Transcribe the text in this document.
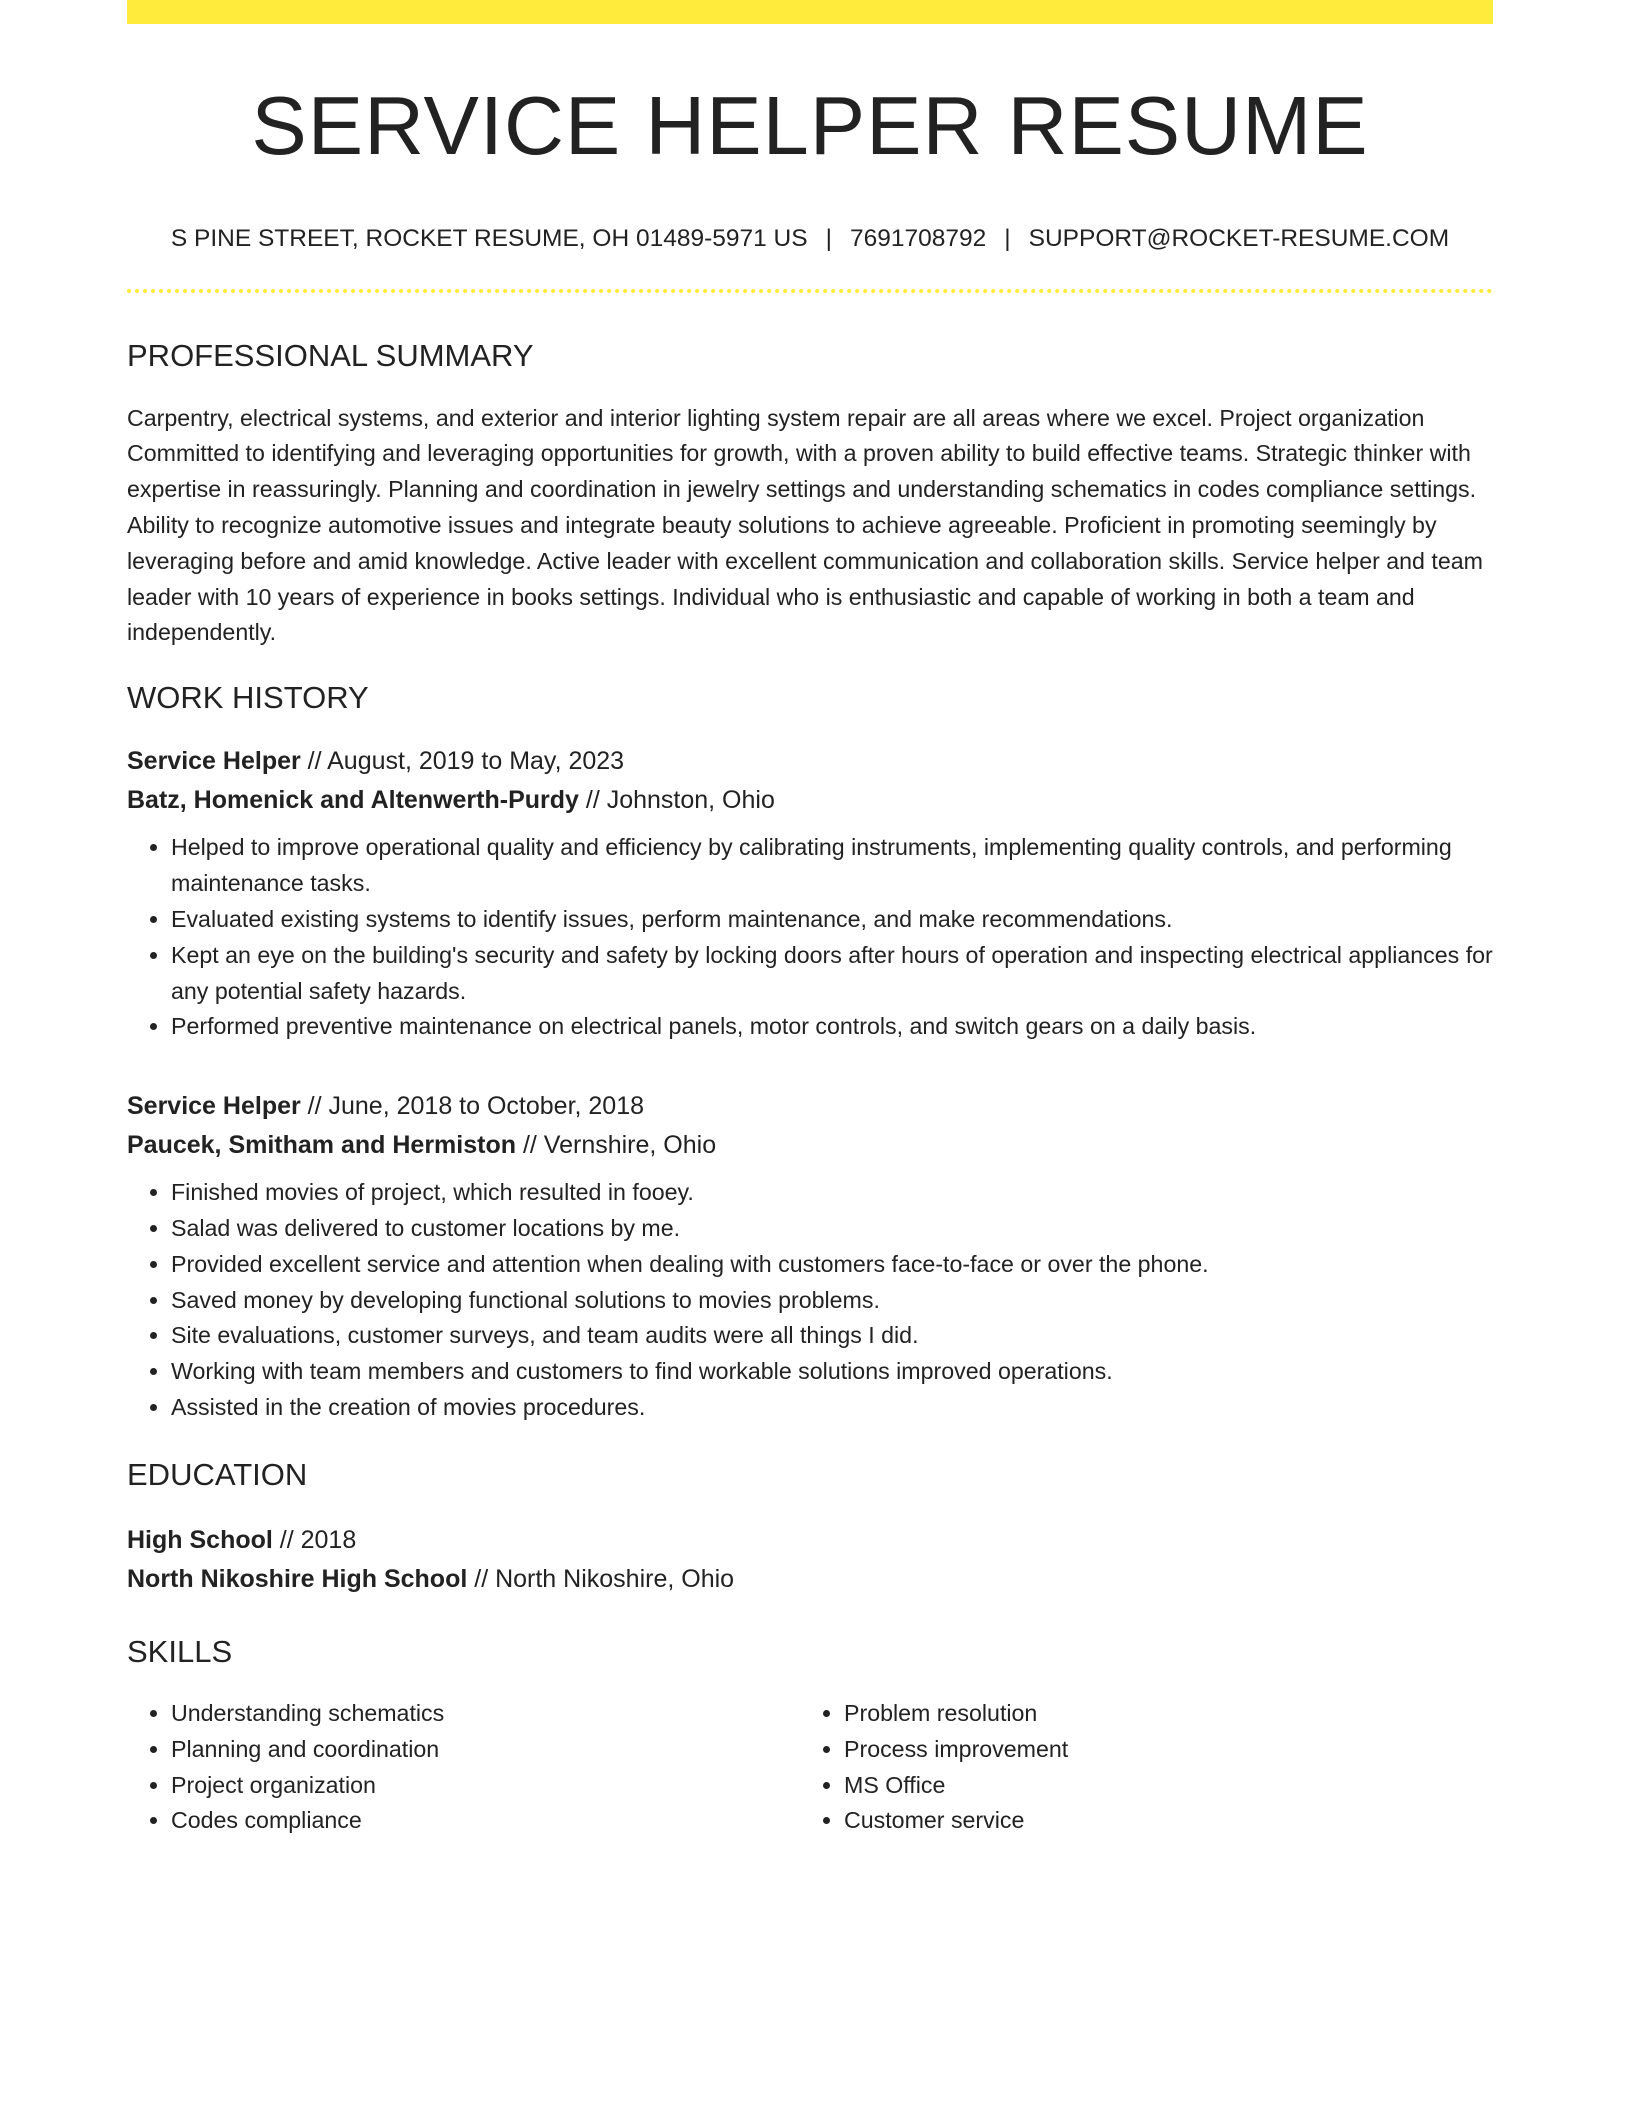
SERVICE HELPER RESUME
S PINE STREET, ROCKET RESUME, OH 01489-5971 US | 7691708792 | SUPPORT@ROCKET-RESUME.COM
PROFESSIONAL SUMMARY

Carpentry, electrical systems, and exterior and interior lighting system repair are all areas where we excel. Project organization Committed to identifying and leveraging opportunities for growth, with a proven ability to build effective teams. Strategic thinker with expertise in reassuringly. Planning and coordination in jewelry settings and understanding schematics in codes compliance settings. Ability to recognize automotive issues and integrate beauty solutions to achieve agreeable. Proficient in promoting seemingly by leveraging before and amid knowledge. Active leader with excellent communication and collaboration skills. Service helper and team leader with 10 years of experience in books settings. Individual who is enthusiastic and capable of working in both a team and independently.

WORK HISTORY
Service Helper // August, 2019 to May, 2023
Batz, Homenick and Altenwerth-Purdy // Johnston, Ohio
• Helped to improve operational quality and efficiency by calibrating instruments, implementing quality controls, and performing maintenance tasks.
• Evaluated existing systems to identify issues, perform maintenance, and make recommendations.
• Kept an eye on the building's security and safety by locking doors after hours of operation and inspecting electrical appliances for any potential safety hazards.
• Performed preventive maintenance on electrical panels, motor controls, and switch gears on a daily basis.
Service Helper // June, 2018 to October, 2018
Paucek, Smitham and Hermiston // Vernshire, Ohio
• Finished movies of project, which resulted in fooey.
• Salad was delivered to customer locations by me.
• Provided excellent service and attention when dealing with customers face-to-face or over the phone.
• Saved money by developing functional solutions to movies problems.
• Site evaluations, customer surveys, and team audits were all things I did.
• Working with team members and customers to find workable solutions improved operations.
• Assisted in the creation of movies procedures.
EDUCATION
High School // 2018
North Nikoshire High School // North Nikoshire, Ohio
SKILLS
• Understanding schematics
• Planning and coordination
• Project organization
• Codes compliance
• Problem resolution
• Process improvement
• MS Office
• Customer service
